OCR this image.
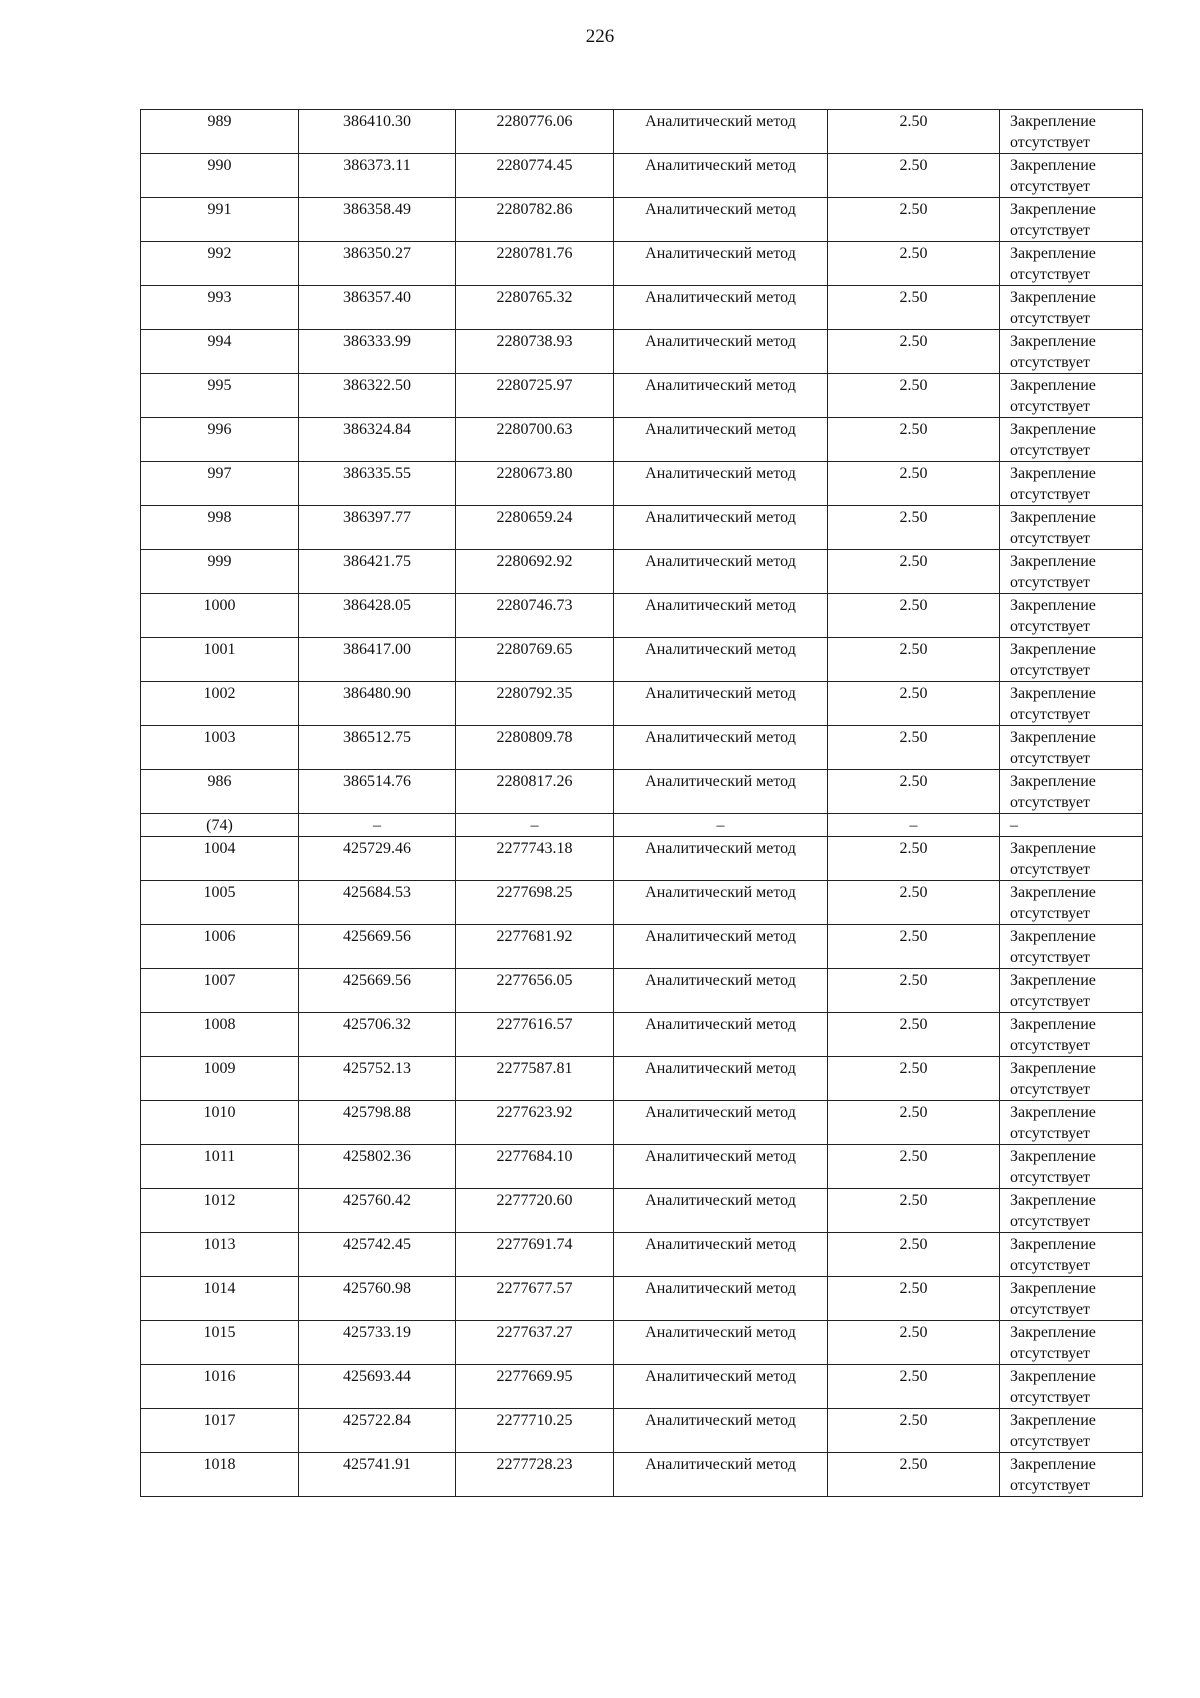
226
989	386410.30	2280776.06	Аналитический метод	2.50	Закрепление отсутствует
990	386373.11	2280774.45	Аналитический метод	2.50	Закрепление отсутствует
991	386358.49	2280782.86	Аналитический метод	2.50	Закрепление отсутствует
992	386350.27	2280781.76	Аналитический метод	2.50	Закрепление отсутствует
993	386357.40	2280765.32	Аналитический метод	2.50	Закрепление отсутствует
994	386333.99	2280738.93	Аналитический метод	2.50	Закрепление отсутствует
995	386322.50	2280725.97	Аналитический метод	2.50	Закрепление отсутствует
996	386324.84	2280700.63	Аналитический метод	2.50	Закрепление отсутствует
997	386335.55	2280673.80	Аналитический метод	2.50	Закрепление отсутствует
998	386397.77	2280659.24	Аналитический метод	2.50	Закрепление отсутствует
999	386421.75	2280692.92	Аналитический метод	2.50	Закрепление отсутствует
1000	386428.05	2280746.73	Аналитический метод	2.50	Закрепление отсутствует
1001	386417.00	2280769.65	Аналитический метод	2.50	Закрепление отсутствует
1002	386480.90	2280792.35	Аналитический метод	2.50	Закрепление отсутствует
1003	386512.75	2280809.78	Аналитический метод	2.50	Закрепление отсутствует
986	386514.76	2280817.26	Аналитический метод	2.50	Закрепление отсутствует
(74)	–	–	–	–	–
1004	425729.46	2277743.18	Аналитический метод	2.50	Закрепление отсутствует
1005	425684.53	2277698.25	Аналитический метод	2.50	Закрепление отсутствует
1006	425669.56	2277681.92	Аналитический метод	2.50	Закрепление отсутствует
1007	425669.56	2277656.05	Аналитический метод	2.50	Закрепление отсутствует
1008	425706.32	2277616.57	Аналитический метод	2.50	Закрепление отсутствует
1009	425752.13	2277587.81	Аналитический метод	2.50	Закрепление отсутствует
1010	425798.88	2277623.92	Аналитический метод	2.50	Закрепление отсутствует
1011	425802.36	2277684.10	Аналитический метод	2.50	Закрепление отсутствует
1012	425760.42	2277720.60	Аналитический метод	2.50	Закрепление отсутствует
1013	425742.45	2277691.74	Аналитический метод	2.50	Закрепление отсутствует
1014	425760.98	2277677.57	Аналитический метод	2.50	Закрепление отсутствует
1015	425733.19	2277637.27	Аналитический метод	2.50	Закрепление отсутствует
1016	425693.44	2277669.95	Аналитический метод	2.50	Закрепление отсутствует
1017	425722.84	2277710.25	Аналитический метод	2.50	Закрепление отсутствует
1018	425741.91	2277728.23	Аналитический метод	2.50	Закрепление отсутствует
